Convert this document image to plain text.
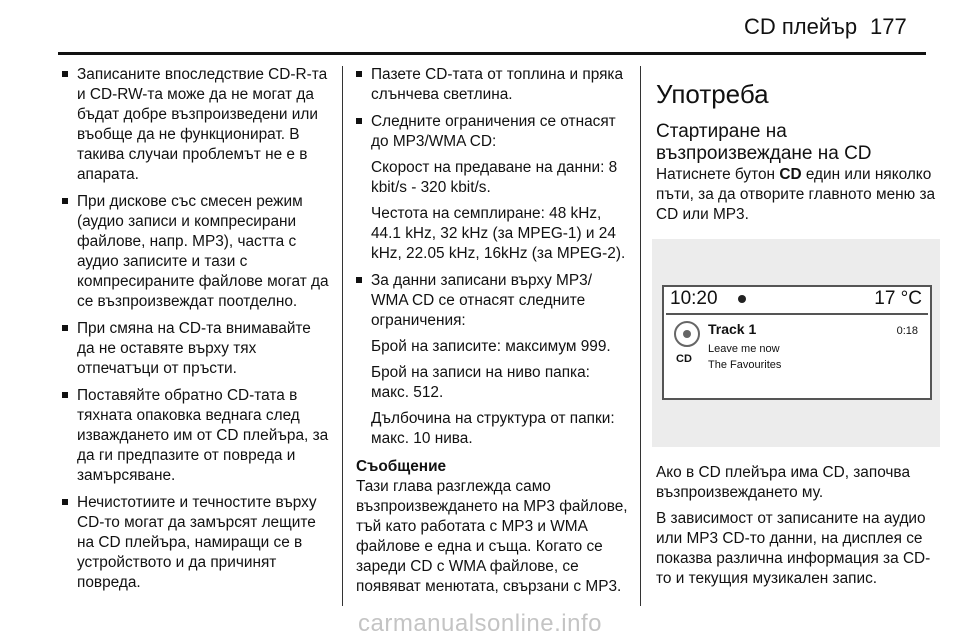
CD плейър 177
Записаните впоследствие CD-R-та и CD-RW-та може да не могат да бъдат добре възпроизведени или въобще да не функционират. В такива случаи проблемът не е в апарата.
При дискове със смесен режим (аудио записи и компресирани файлове, напр. MP3), частта с аудио записите и тази с компресираните файлове могат да се възпроизвеждат поотделно.
При смяна на CD-та внимавайте да не оставяте върху тях отпечатъци от пръсти.
Поставяйте обратно CD-тата в тяхната опаковка веднага след изваждането им от CD плейъра, за да ги предпазите от повреда и замърсяване.
Нечистотиите и течностите върху CD-то могат да замърсят лещите на CD плейъра, намиращи се в устройството и да причинят повреда.
Пазете CD-тата от топлина и пряка слънчева светлина.
Следните ограничения се отнасят до MP3/WMA CD:
Скорост на предаване на данни: 8 kbit/s - 320 kbit/s.
Честота на семплиране: 48 kHz, 44.1 kHz, 32 kHz (за MPEG-1) и 24 kHz, 22.05 kHz, 16kHz (за MPEG-2).
За данни записани върху MP3/ WMA CD се отнасят следните ограничения:
Брой на записите: максимум 999.
Брой на записи на ниво папка: макс. 512.
Дълбочина на структура от папки: макс. 10 нива.
Съобщение
Тази глава разглежда само възпроизвеждането на MP3 файлове, тъй като работата с MP3 и WMA файлове е една и съща. Когато се зареди CD с WMA файлове, се появяват менютата, свързани с MP3.
Употреба
Стартиране на възпроизвеждане на CD
Натиснете бутон CD един или няколко пъти, за да отворите главното меню за CD или MP3.
10:20	17 °C
CD
Track 1	0:18
Leave me now
The Favourites
Ако в CD плейъра има CD, започва възпроизвеждането му.
В зависимост от записаните на аудио или MP3 CD-то данни, на дисплея се показва различна информация за CD-то и текущия музикален запис.
carmanualsonline.info
